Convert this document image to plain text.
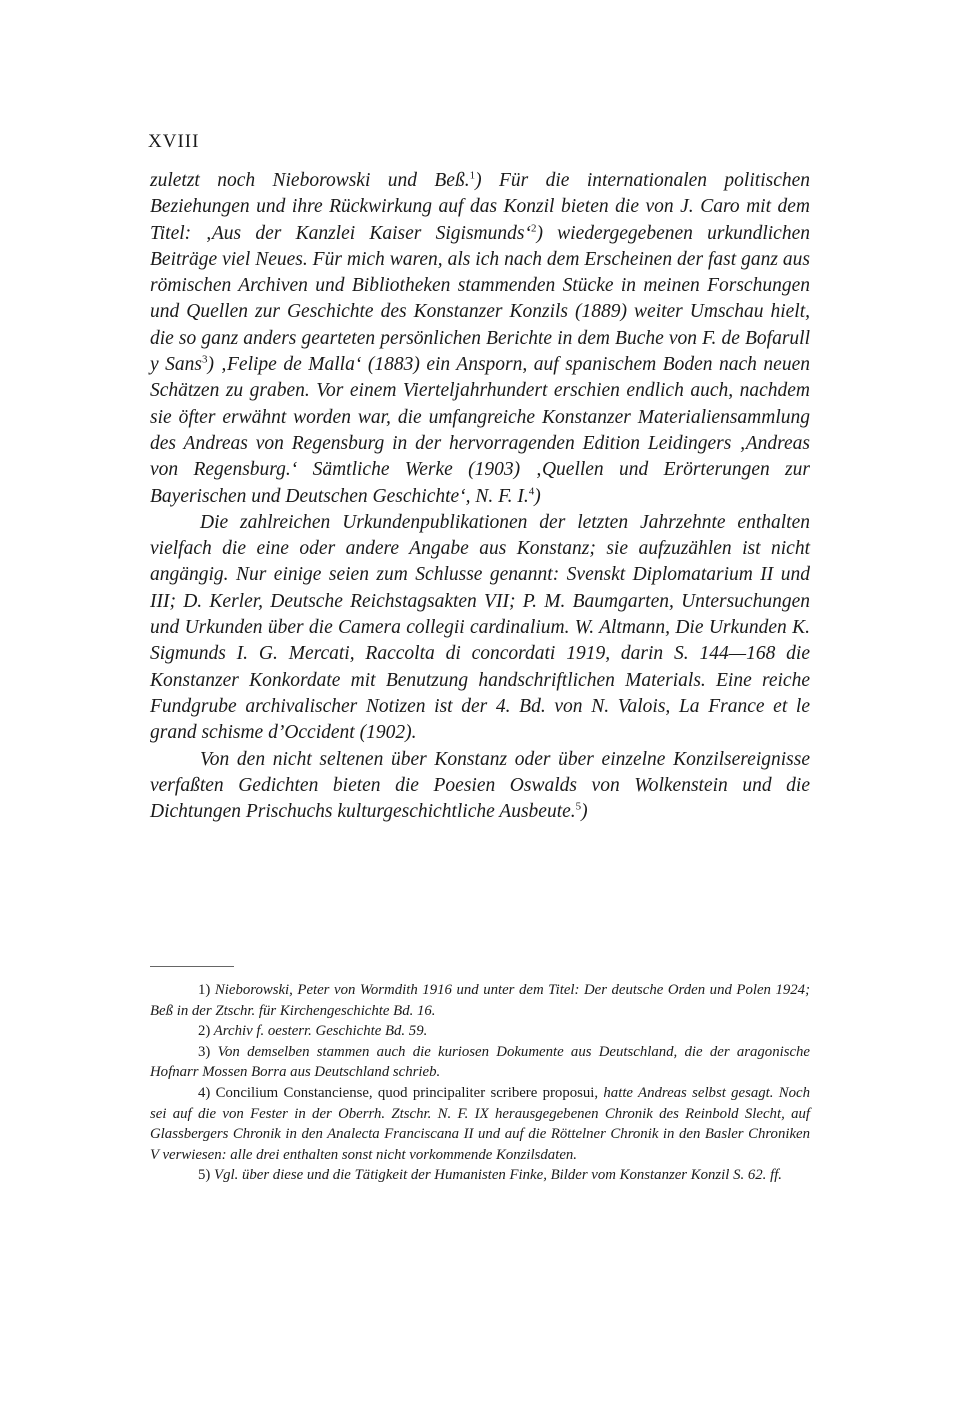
XVIII

zuletzt noch Nieborowski und Beß.$^1$) Für die internationalen politischen Beziehungen und ihre Rückwirkung auf das Konzil bieten die von J. Caro mit dem Titel: ‚Aus der Kanzlei Kaiser Sigismunds‘$^2$) wiedergegebenen urkundlichen Beiträge viel Neues. Für mich waren, als ich nach dem Erscheinen der fast ganz aus römischen Archiven und Bibliotheken stammenden Stücke in meinen Forschungen und Quellen zur Geschichte des Konstanzer Konzils (1889) weiter Umschau hielt, die so ganz anders gearteten persönlichen Berichte in dem Buche von F. de Bofarull y Sans$^3$) ‚Felipe de Malla‘ (1883) ein Ansporn, auf spanischem Boden nach neuen Schätzen zu graben. Vor einem Vierteljahrhundert erschien endlich auch, nachdem sie öfter erwähnt worden war, die umfangreiche Konstanzer Materialiensammlung des Andreas von Regensburg in der hervorragenden Edition Leidingers ‚Andreas von Regensburg.‘ Sämtliche Werke (1903) ‚Quellen und Erörterungen zur Bayerischen und Deutschen Geschichte‘, N. F. I.$^4$)

Die zahlreichen Urkundenpublikationen der letzten Jahrzehnte enthalten vielfach die eine oder andere Angabe aus Konstanz; sie aufzuzählen ist nicht angängig. Nur einige seien zum Schlusse genannt: Svenskt Diplomatarium II und III; D. Kerler, Deutsche Reichstagsakten VII; P. M. Baumgarten, Untersuchungen und Urkunden über die Camera collegii cardinalium. W. Altmann, Die Urkunden K. Sigmunds I. G. Mercati, Raccolta di concordati 1919, darin S. 144—168 die Konstanzer Konkordate mit Benutzung handschriftlichen Materials. Eine reiche Fundgrube archivalischer Notizen ist der 4. Bd. von N. Valois, La France et le grand schisme d’Occident (1902).

Von den nicht seltenen über Konstanz oder über einzelne Konzilsereignisse verfaßten Gedichten bieten die Poesien Oswalds von Wolkenstein und die Dichtungen Prischuchs kulturgeschichtliche Ausbeute.$^5$)

1) Nieborowski, Peter von Wormdith 1916 und unter dem Titel: Der deutsche Orden und Polen 1924; Beß in der Ztschr. für Kirchengeschichte Bd. 16.

2) Archiv f. oesterr. Geschichte Bd. 59.

3) Von demselben stammen auch die kuriosen Dokumente aus Deutschland, die der aragonische Hofnarr Mossen Borra aus Deutschland schrieb.

4) Concilium Constanciense, quod principaliter scribere proposui, hatte Andreas selbst gesagt. Noch sei auf die von Fester in der Oberrh. Ztschr. N. F. IX herausgegebenen Chronik des Reinbold Slecht, auf Glassbergers Chronik in den Analecta Franciscana II und auf die Röttelner Chronik in den Basler Chroniken V verwiesen: alle drei enthalten sonst nicht vorkommende Konzilsdaten.

5) Vgl. über diese und die Tätigkeit der Humanisten Finke, Bilder vom Konstanzer Konzil S. 62. ff.
